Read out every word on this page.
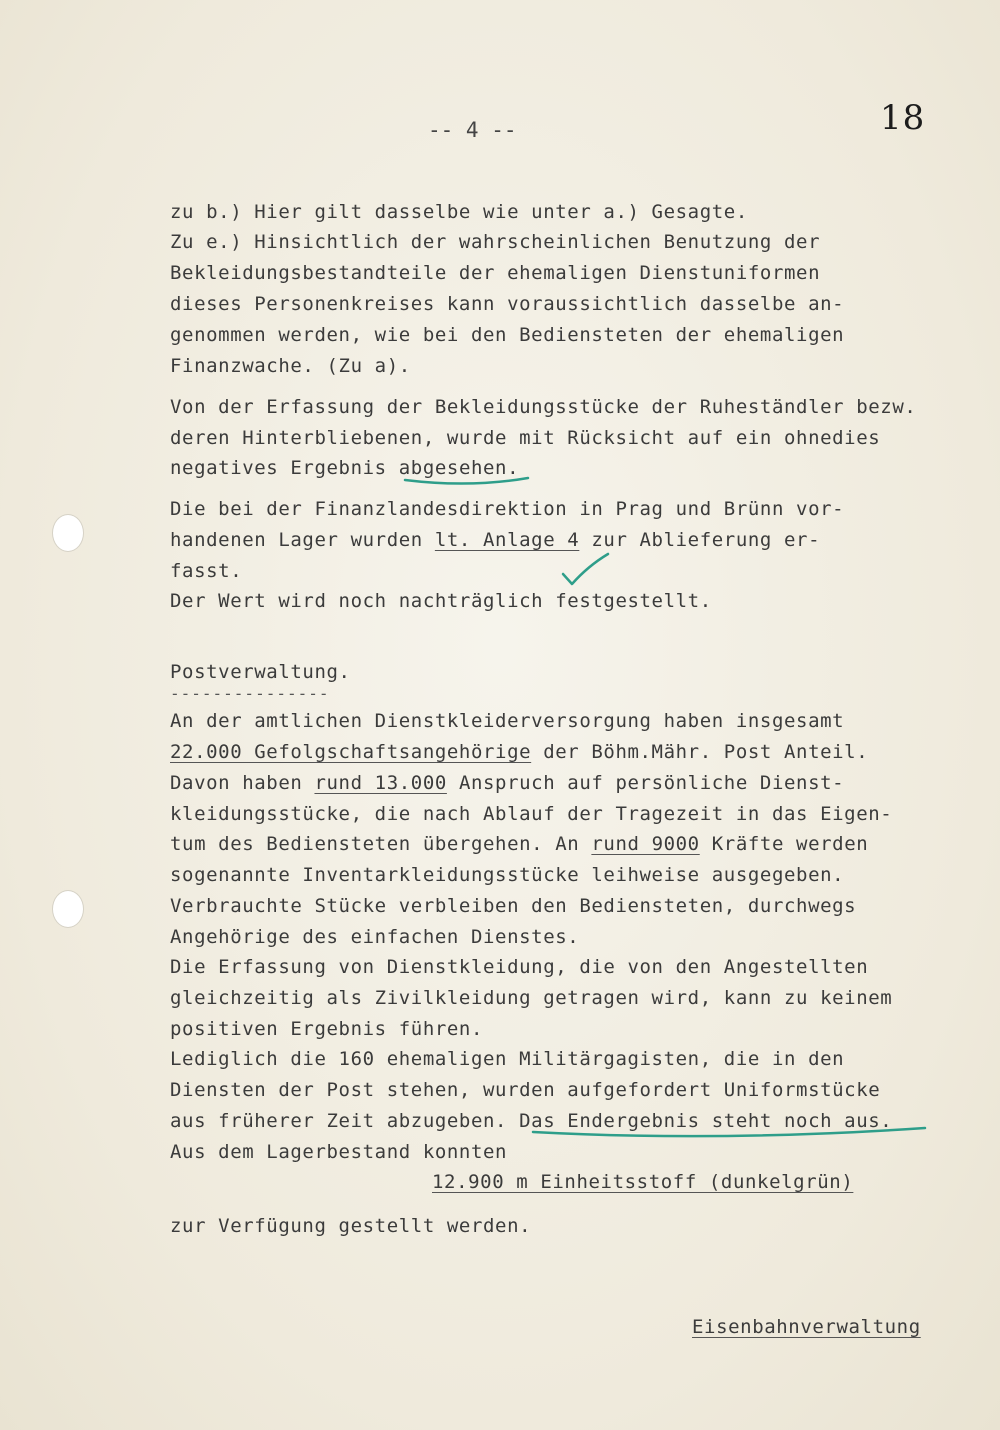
18
-- 4 --
zu b.) Hier gilt dasselbe wie unter a.) Gesagte.
Zu e.) Hinsichtlich der wahrscheinlichen Benutzung der
Bekleidungsbestandteile der ehemaligen Dienstuniformen
dieses Personenkreises kann voraussichtlich dasselbe an-
genommen werden, wie bei den Bediensteten der ehemaligen
Finanzwache. (Zu a).
Von der Erfassung der Bekleidungsstücke der Ruheständler bezw.
deren Hinterbliebenen, wurde mit Rücksicht auf ein ohnedies
negatives Ergebnis abgesehen.
Die bei der Finanzlandesdirektion in Prag und Brünn vor-
handenen Lager wurden lt. Anlage 4 zur Ablieferung er-
fasst.
Der Wert wird noch nachträglich festgestellt.
Postverwaltung.
---------------
An der amtlichen Dienstkleiderversorgung haben insgesamt
22.000 Gefolgschaftsangehörige der Böhm.Mähr. Post Anteil.
Davon haben rund 13.000 Anspruch auf persönliche Dienst-
kleidungsstücke, die nach Ablauf der Tragezeit in das Eigen-
tum des Bediensteten übergehen. An rund 9000 Kräfte werden
sogenannte Inventarkleidungsstücke leihweise ausgegeben.
Verbrauchte Stücke verbleiben den Bediensteten, durchwegs
Angehörige des einfachen Dienstes.
Die Erfassung von Dienstkleidung, die von den Angestellten
gleichzeitig als Zivilkleidung getragen wird, kann zu keinem
positiven Ergebnis führen.
Lediglich die 160 ehemaligen Militärgagisten, die in den
Diensten der Post stehen, wurden aufgefordert Uniformstücke
aus früherer Zeit abzugeben. Das Endergebnis steht noch aus.
Aus dem Lagerbestand konnten
12.900 m Einheitsstoff (dunkelgrün)
zur Verfügung gestellt werden.
Eisenbahnverwaltung
